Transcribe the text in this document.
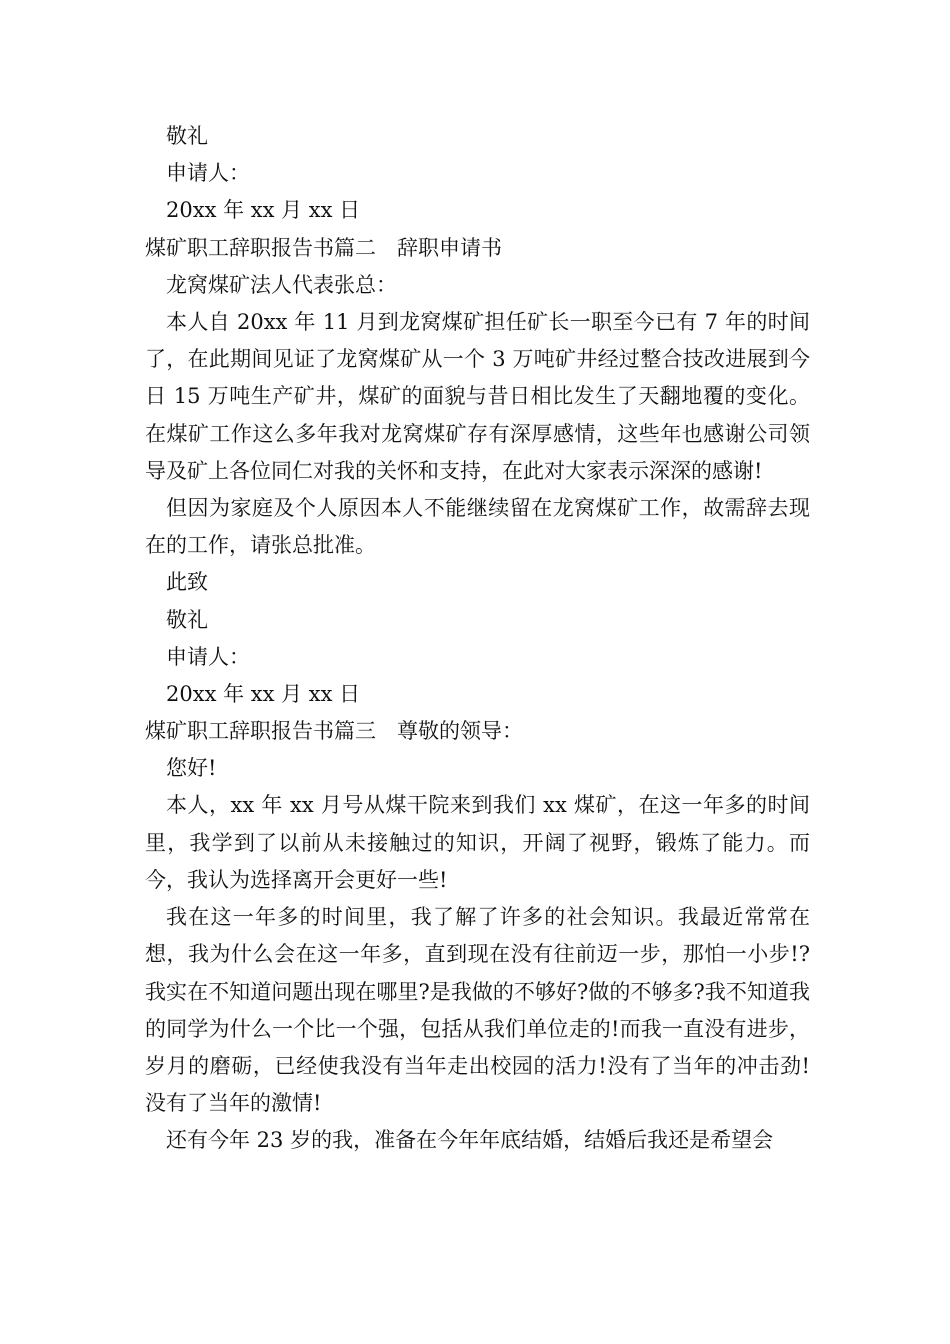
敬礼
申请人：
20xx 年 xx 月 xx 日
煤矿职工辞职报告书篇二　辞职申请书
龙窝煤矿法人代表张总：

本人自 20xx 年 11 月到龙窝煤矿担任矿长一职至今已有 7 年的时间了，在此期间见证了龙窝煤矿从一个 3 万吨矿井经过整合技改进展到今日 15 万吨生产矿井，煤矿的面貌与昔日相比发生了天翻地覆的变化。在煤矿工作这么多年我对龙窝煤矿存有深厚感情，这些年也感谢公司领导及矿上各位同仁对我的关怀和支持，在此对大家表示深深的感谢!

但因为家庭及个人原因本人不能继续留在龙窝煤矿工作，故需辞去现在的工作，请张总批准。

此致
敬礼
申请人：
20xx 年 xx 月 xx 日
煤矿职工辞职报告书篇三　尊敬的领导：
您好!

本人，xx 年 xx 月号从煤干院来到我们 xx 煤矿，在这一年多的时间里，我学到了以前从未接触过的知识，开阔了视野，锻炼了能力。而今，我认为选择离开会更好一些!

我在这一年多的时间里，我了解了许多的社会知识。我最近常常在想，我为什么会在这一年多，直到现在没有往前迈一步，那怕一小步!?我实在不知道问题出现在哪里?是我做的不够好?做的不够多?我不知道我的同学为什么一个比一个强，包括从我们单位走的!而我一直没有进步，岁月的磨砺，已经使我没有当年走出校园的活力!没有了当年的冲击劲!没有了当年的激情!

还有今年 23 岁的我，准备在今年年底结婚，结婚后我还是希望会
